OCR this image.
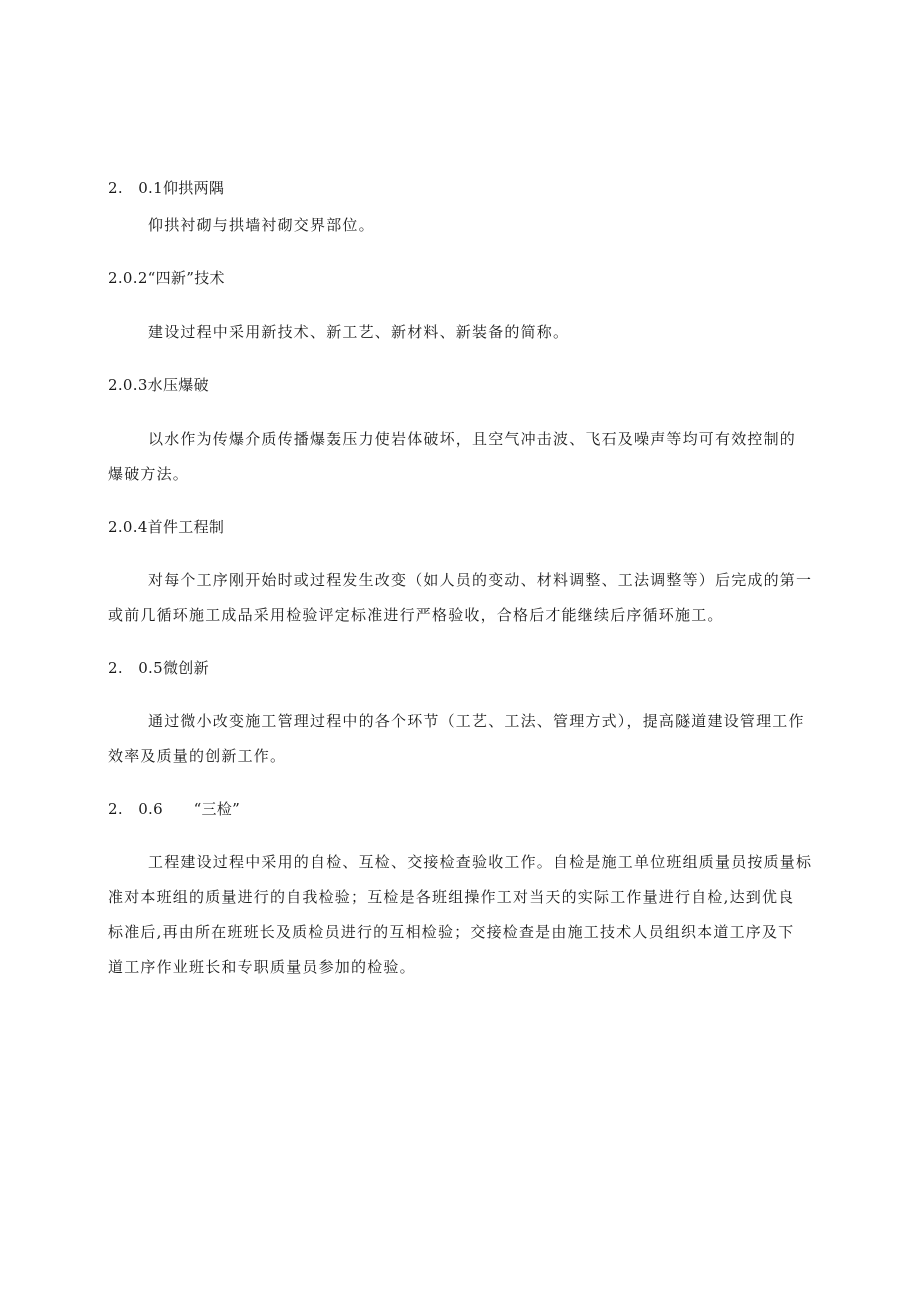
2.　0.1仰拱两隅
仰拱衬砌与拱墙衬砌交界部位。
2.0.2“四新”技术
建设过程中采用新技术、新工艺、新材料、新装备的简称。
2.0.3水压爆破
以水作为传爆介质传播爆轰压力使岩体破坏，且空气冲击波、飞石及噪声等均可有效控制的
爆破方法。
2.0.4首件工程制
对每个工序刚开始时或过程发生改变（如人员的变动、材料调整、工法调整等）后完成的第一
或前几循环施工成品采用检验评定标准进行严格验收，合格后才能继续后序循环施工。
2.　0.5微创新
通过微小改变施工管理过程中的各个环节（工艺、工法、管理方式），提高隧道建设管理工作
效率及质量的创新工作。
2.　0.6　　“三检”
工程建设过程中采用的自检、互检、交接检查验收工作。自检是施工单位班组质量员按质量标
准对本班组的质量进行的自我检验；互检是各班组操作工对当天的实际工作量进行自检,达到优良
标准后,再由所在班班长及质检员进行的互相检验；交接检查是由施工技术人员组织本道工序及下
道工序作业班长和专职质量员参加的检验。
